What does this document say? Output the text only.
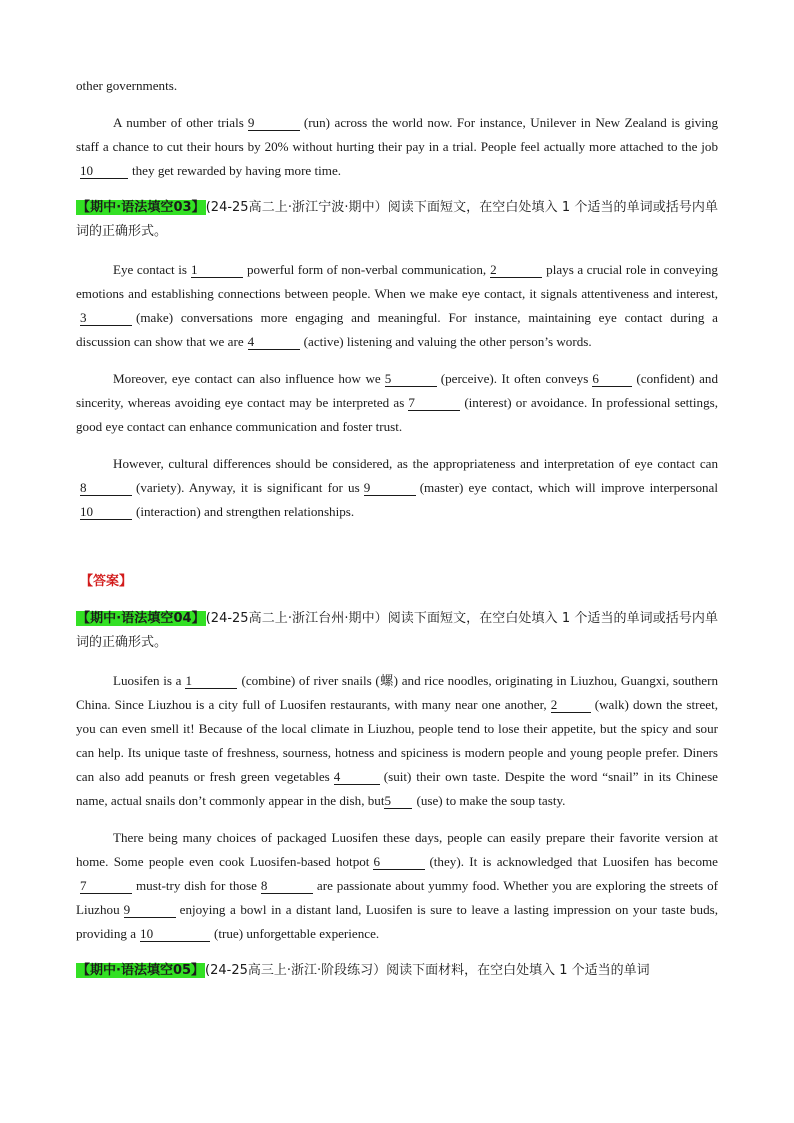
other governments.

A number of other trials 9	(run) across the world now. For instance, Unilever in New Zealand is giving staff a chance to cut their hours by 20% without hurting their pay in a trial. People feel actually more attached to the job10	they get rewarded by having more time.

【期中·语法填空03】(24-25高二上·浙江宁波·期中）阅读下面短文，在空白处填入 1 个适当的单词或括号内单词的正确形式。

Eye contact is 1	powerful form of non-verbal communication, 2	plays a crucial role in conveying emotions and establishing connections between people. When we make eye contact, it signals attentiveness and interest,3	(make) conversations more engaging and meaningful. For instance, maintaining eye contact during a discussion can show that we are 4	(active) listening and valuing the other person’s words.

Moreover, eye contact can also influence how we 5	(perceive). It often conveys 6	(confident) and sincerity, whereas avoiding eye contact may be interpreted as 7	(interest) or avoidance. In professional settings, good eye contact can enhance communication and foster trust.

However, cultural differences should be considered, as the appropriateness and interpretation of eye contact can8	(variety). Anyway, it is significant for us 9	(master) eye contact, which will improve interpersonal10	(interaction) and strengthen relationships.

【答案】

【期中·语法填空04】(24-25高二上·浙江台州·期中）阅读下面短文，在空白处填入 1 个适当的单词或括号内单词的正确形式。

Luosifen is a 1	(combine) of river snails (螺) and rice noodles, originating in Liuzhou, Guangxi, southern China. Since Liuzhou is a city full of Luosifen restaurants, with many near one another, 2	(walk) down the street, you can even smell it! Because of the local climate in Liuzhou, people tend to lose their appetite, but the spicy and sour can help. Its unique taste of freshness, sourness, hotness and spiciness is modern people and young people prefer. Diners can also add peanuts or fresh green vegetables 4	(suit) their own taste. Despite the word “snail” in its Chinese name, actual snails don’t commonly appear in the dish, but5 (use) to make the soup tasty.

There being many choices of packaged Luosifen these days, people can easily prepare their favorite version at home. Some people even cook Luosifen-based hotpot 6	(they). It is acknowledged that Luosifen has become7	must-try dish for those 8	are passionate about yummy food. Whether you are exploring the streets of Liuzhou 9	enjoying a bowl in a distant land, Luosifen is sure to leave a lasting impression on your taste buds, providing a 10	(true) unforgettable experience.

【期中·语法填空05】(24-25高三上·浙江·阶段练习）阅读下面材料，在空白处填入 1 个适当的单词
